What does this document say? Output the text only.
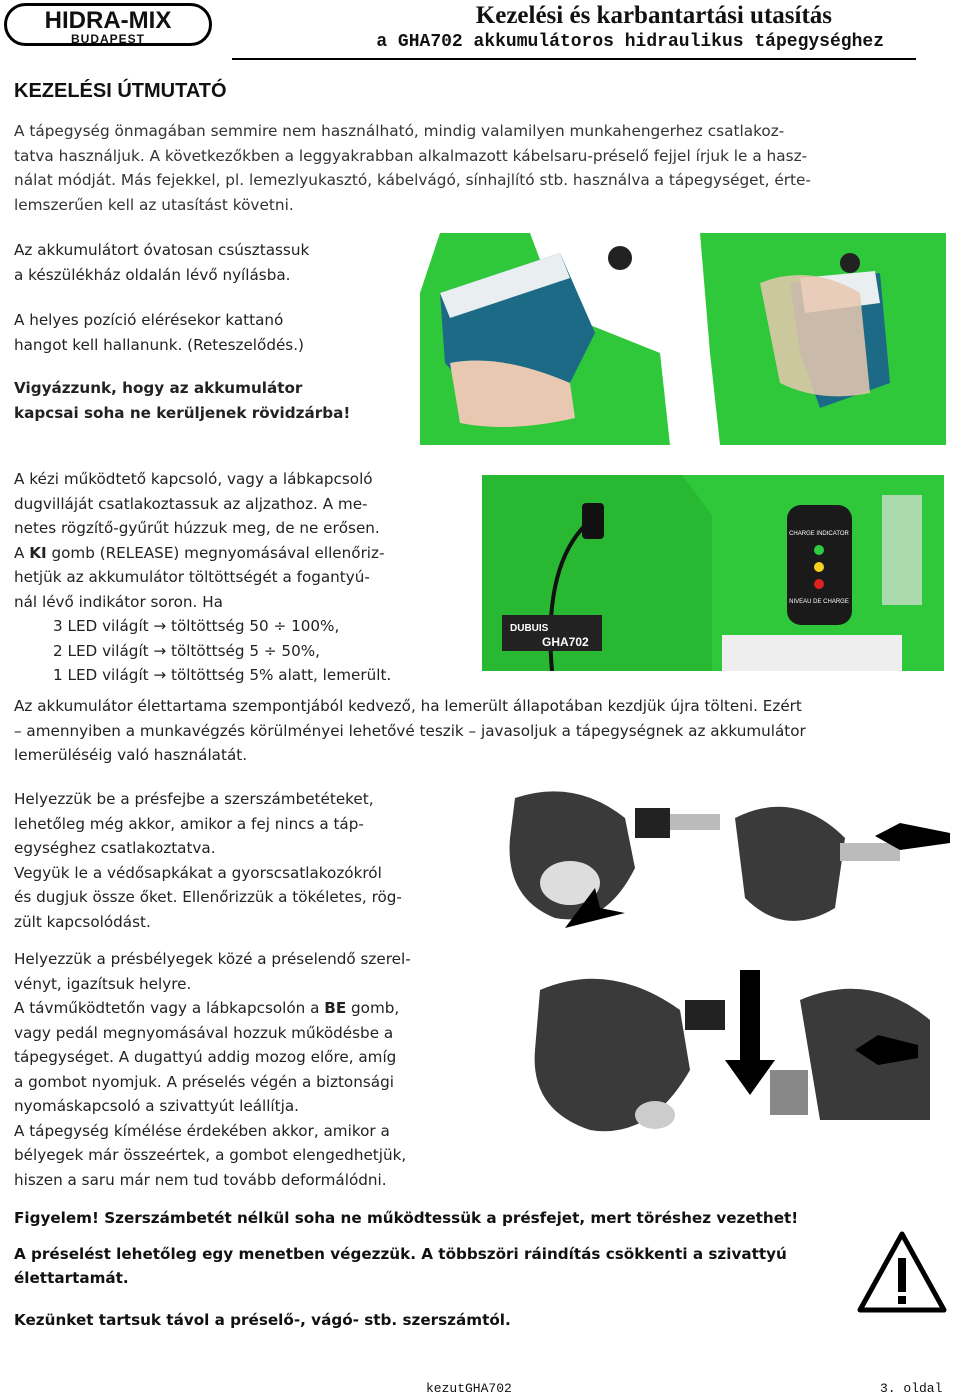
HIDRA-MIX
BUDAPEST
Kezelési és karbantartási utasítás
a GHA702 akkumulátoros hidraulikus tápegységhez
KEZELÉSI ÚTMUTATÓ
A tápegység önmagában semmire nem használható, mindig valamilyen munkahengerhez csatlakoz-
tatva használjuk. A következőkben a leggyakrabban alkalmazott kábelsaru-préselő fejjel írjuk le a hasz-
nálat módját. Más fejekkel, pl. lemezlyukasztó, kábelvágó, sínhajlító stb. használva a tápegységet, érte-
lemszerűen kell az utasítást követni.
Az akkumulátort óvatosan csúsztassuk
a készülékház oldalán lévő nyílásba.
A helyes pozíció elérésekor kattanó
hangot kell hallanunk. (Reteszelődés.)
Vigyázzunk, hogy az akkumulátor
kapcsai soha ne kerüljenek rövidzárba!
A kézi működtető kapcsoló, vagy a lábkapcsoló
dugvilláját csatlakoztassuk az aljzathoz. A me-
netes rögzítő-gyűrűt húzzuk meg, de ne erősen.
A KI gomb (RELEASE) megnyomásával ellenőriz-
hetjük az akkumulátor töltöttségét a fogantyú-
nál lévő indikátor soron. Ha
3 LED világít → töltöttség 50 ÷ 100%,
2 LED világít → töltöttség 5 ÷ 50%,
1 LED világít → töltöttség 5% alatt, lemerült.
DUBUIS
GHA702
CHARGE INDICATOR
NIVEAU DE CHARGE
Az akkumulátor élettartama szempontjából kedvező, ha lemerült állapotában kezdjük újra tölteni. Ezért
– amennyiben a munkavégzés körülményei lehetővé teszik – javasoljuk a tápegységnek az akkumulátor
lemerüléséig való használatát.
Helyezzük be a présfejbe a szerszámbetéteket,
lehetőleg még akkor, amikor a fej nincs a táp-
egységhez csatlakoztatva.
Vegyük le a védősapkákat a gyorscsatlakozókról
és dugjuk össze őket. Ellenőrizzük a tökéletes, rög-
zült kapcsolódást.
Helyezzük a présbélyegek közé a préselendő szerel-
vényt, igazítsuk helyre.
A távműködtetőn vagy a lábkapcsolón a BE gomb,
vagy pedál megnyomásával hozzuk működésbe a
tápegységet. A dugattyú addig mozog előre, amíg
a gombot nyomjuk. A préselés végén a biztonsági
nyomáskapcsoló a szivattyút leállítja.
A tápegység kímélése érdekében akkor, amikor a
bélyegek már összeértek, a gombot elengedhetjük,
hiszen a saru már nem tud tovább deformálódni.
Figyelem! Szerszámbetét nélkül soha ne működtessük a présfejet, mert töréshez vezethet!
A préselést lehetőleg egy menetben végezzük. A többszöri ráindítás csökkenti a szivattyú
élettartamát.
Kezünket tartsuk távol a préselő-, vágó- stb. szerszámtól.
kezutGHA702	3. oldal
